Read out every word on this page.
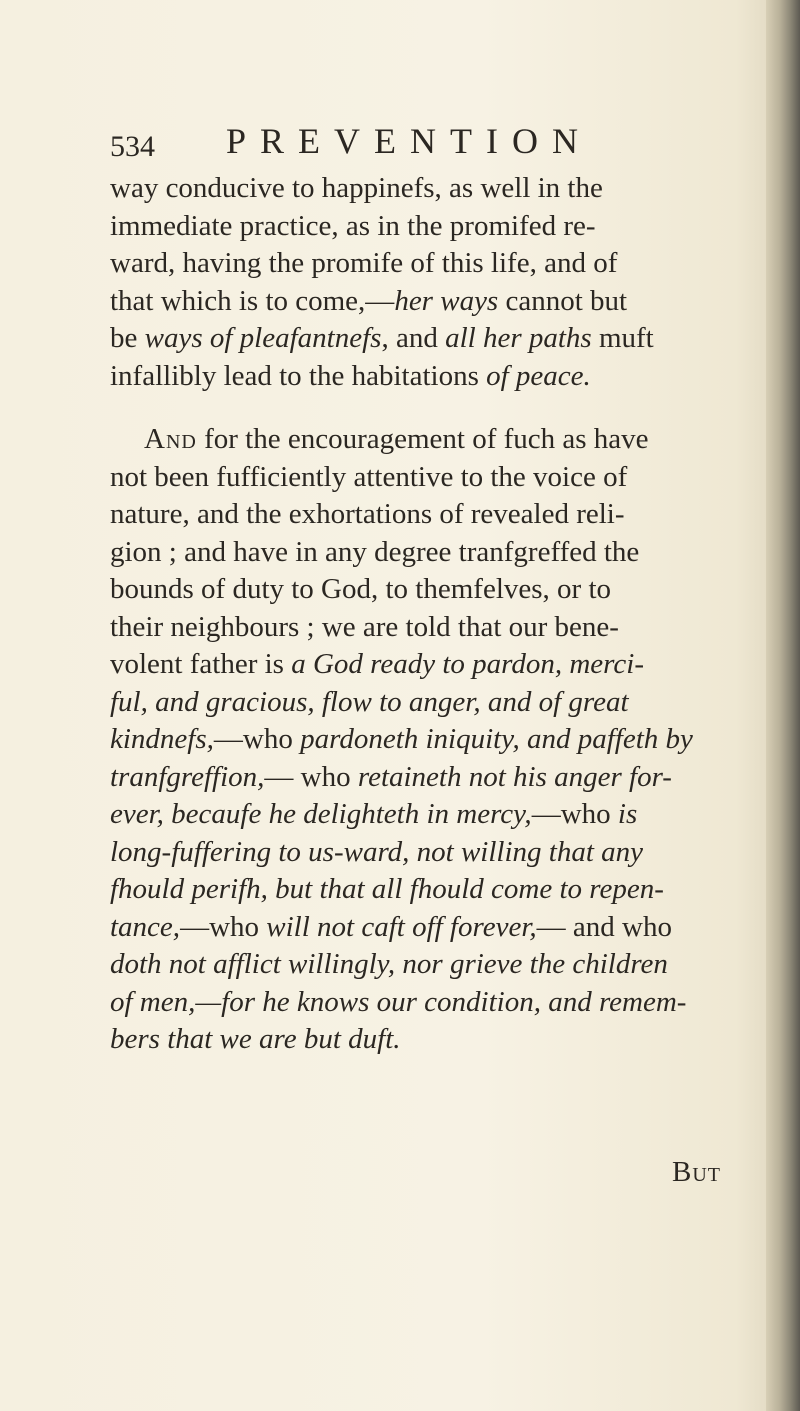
534 PREVENTION
way conducive to happinefs, as well in the
immediate practice, as in the promifed re-
ward, having the promife of this life, and of
that which is to come,—her ways cannot but
be ways of pleafantnefs, and all her paths muft
infallibly lead to the habitations of peace.
And for the encouragement of fuch as have
not been fufficiently attentive to the voice of
nature, and the exhortations of revealed reli-
gion ; and have in any degree tranfgreffed the
bounds of duty to God, to themfelves, or to
their neighbours ; we are told that our bene-
volent father is a God ready to pardon, merci-
ful, and gracious, flow to anger, and of great
kindnefs,—who pardoneth iniquity, and paffeth by
tranfgreffion,— who retaineth not his anger for-
ever, becaufe he delighteth in mercy,—who is
long-fuffering to us-ward, not willing that any
fhould perifh, but that all fhould come to repen-
tance,—who will not caft off forever,— and who
doth not afflict willingly, nor grieve the children
of men,—for he knows our condition, and remem-
bers that we are but duft.
But
